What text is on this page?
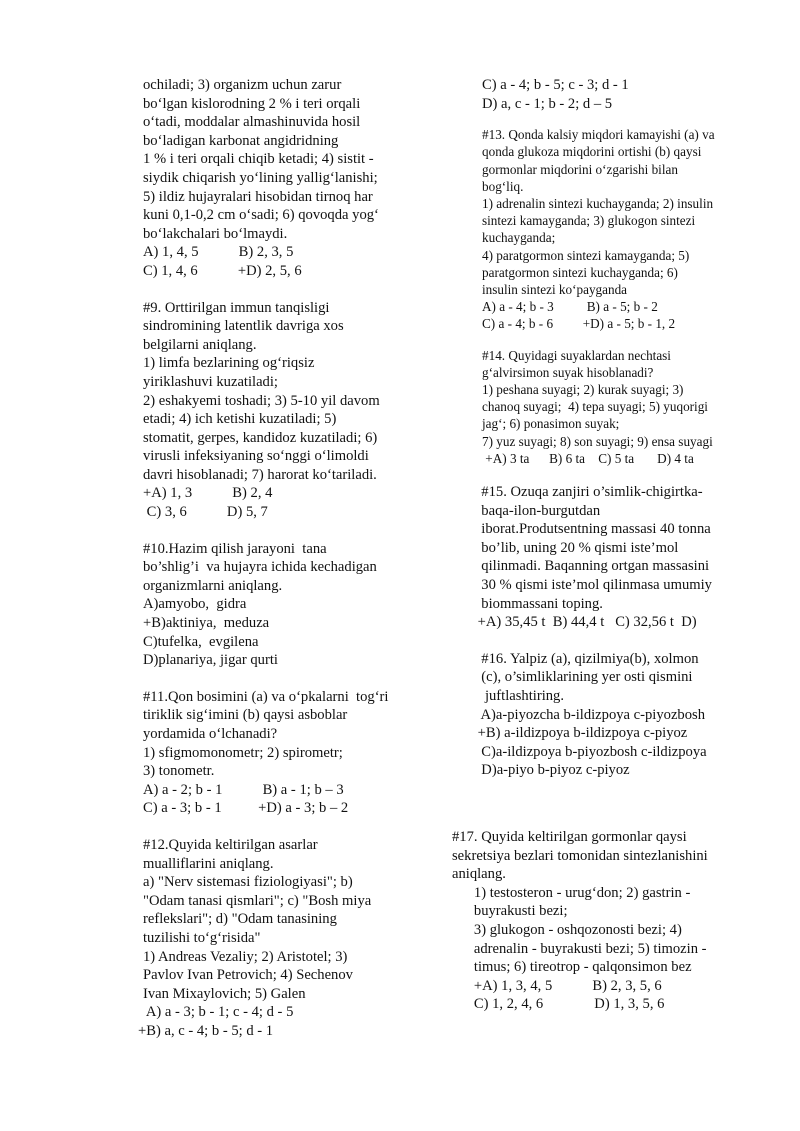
ochiladi; 3) organizm uchun zarur
bo‘lgan kislorodning 2 % i teri orqali
o‘tadi, moddalar almashinuvida hosil
bo‘ladigan karbonat angidridning
1 % i teri orqali chiqib ketadi; 4) sistit -
siydik chiqarish yo‘lining yallig‘lanishi;
5) ildiz hujayralari hisobidan tirnoq har
kuni 0,1-0,2 cm o‘sadi; 6) qovoqda yog‘
bo‘lakchalari bo‘lmaydi.
A) 1, 4, 5           B) 2, 3, 5
C) 1, 4, 6           +D) 2, 5, 6
#9. Orttirilgan immun tanqisligi
sindromining latentlik davriga xos
belgilarni aniqlang.
1) limfa bezlarining og‘riqsiz
yiriklashuvi kuzatiladi;
2) eshakyemi toshadi; 3) 5-10 yil davom
etadi; 4) ich ketishi kuzatiladi; 5)
stomatit, gerpes, kandidoz kuzatiladi; 6)
virusli infeksiyaning so‘nggi o‘limoldi
davri hisoblanadi; 7) harorat ko‘tariladi.
+A) 1, 3           B) 2, 4
C) 3, 6           D) 5, 7
#10.Hazim qilish jarayoni  tana
bo’shlig’i  va hujayra ichida kechadigan
organizmlarni aniqlang.
A)amyobo,  gidra
+B)aktiniya,  meduza
C)tufelka,  evgilena
D)planariya, jigar qurti
#11.Qon bosimini (a) va o‘pkalarni  tog‘ri
tiriklik sig‘imini (b) qaysi asboblar
yordamida o‘lchanadi?
1) sfigmomonometr; 2) spirometr;
3) tonometr.
A) a - 2; b - 1           B) a - 1; b – 3
C) a - 3; b - 1          +D) a - 3; b – 2
#12.Quyida keltirilgan asarlar
mualliflarini aniqlang.
a) "Nerv sistemasi fiziologiyasi"; b)
"Odam tanasi qismlari"; c) "Bosh miya
reflekslari"; d) "Odam tanasining
tuzilishi to‘g‘risida"
1) Andreas Vezaliy; 2) Aristotel; 3)
Pavlov Ivan Petrovich; 4) Sechenov
Ivan Mixaylovich; 5) Galen
A) a - 3; b - 1; c - 4; d - 5
+B) a, c - 4; b - 5; d - 1
C) a - 4; b - 5; c - 3; d - 1
D) a, c - 1; b - 2; d – 5
#13. Qonda kalsiy miqdori kamayishi (a) va
qonda glukoza miqdorini ortishi (b) qaysi
gormonlar miqdorini o‘zgarishi bilan
bog‘liq.
1) adrenalin sintezi kuchayganda; 2) insulin
sintezi kamayganda; 3) glukogon sintezi
kuchayganda;
4) paratgormon sintezi kamayganda; 5)
paratgormon sintezi kuchayganda; 6)
insulin sintezi ko‘payganda
A) a - 4; b - 3          B) a - 5; b - 2
C) a - 4; b - 6         +D) a - 5; b - 1, 2
#14. Quyidagi suyaklardan nechtasi
g‘alvirsimon suyak hisoblanadi?
1) peshana suyagi; 2) kurak suyagi; 3)
chanoq suyagi;  4) tepa suyagi; 5) yuqorigi
jag‘; 6) ponasimon suyak;
7) yuz suyagi; 8) son suyagi; 9) ensa suyagi
+A) 3 ta      B) 6 ta    C) 5 ta       D) 4 ta
#15. Ozuqa zanjiri o’simlik-chigirtka-
baqa-ilon-burgutdan
iborat.Produtsentning massasi 40 tonna
bo’lib, uning 20 % qismi iste’mol
qilinmadi. Baqanning ortgan massasini
30 % qismi iste’mol qilinmasa umumiy
biommassani toping.
+A) 35,45 t  B) 44,4 t   C) 32,56 t  D)
#16. Yalpiz (a), qizilmiya(b), xolmon
(c), o’simliklarining yer osti qismini
juftlashtiring.
A)a-piyozcha b-ildizpoya c-piyozbosh
+B) a-ildizpoya b-ildizpoya c-piyoz
C)a-ildizpoya b-piyozbosh c-ildizpoya
D)a-piyo b-piyoz c-piyoz
#17. Quyida keltirilgan gormonlar qaysi
sekretsiya bezlari tomonidan sintezlanishini
aniqlang.
1) testosteron - urug‘don; 2) gastrin -
buyrakusti bezi;
3) glukogon - oshqozonosti bezi; 4)
adrenalin - buyrakusti bezi; 5) timozin -
timus; 6) tireotrop - qalqonsimon bez
+A) 1, 3, 4, 5           B) 2, 3, 5, 6
C) 1, 2, 4, 6              D) 1, 3, 5, 6
